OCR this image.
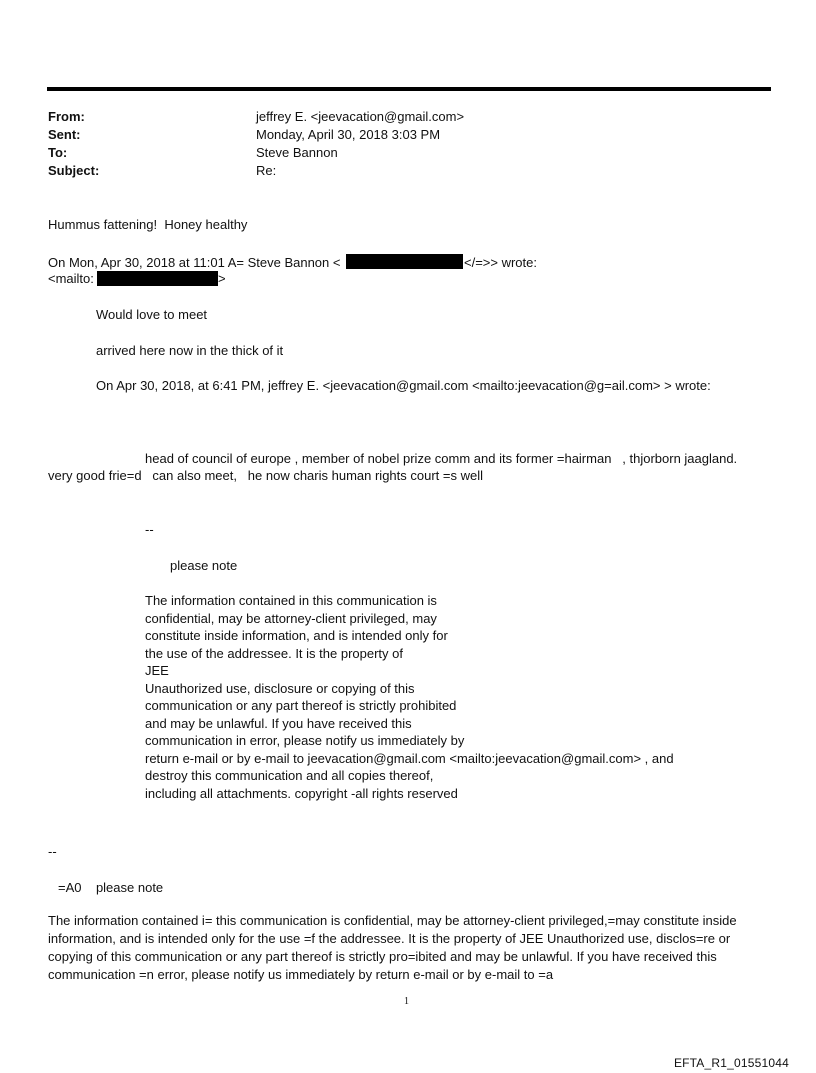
From:	jeffrey E. <jeevacation@gmail.com>
Sent:	Monday, April 30, 2018 3:03 PM
To:	Steve Bannon
Subject:	Re:
Hummus fattening!  Honey healthy
On Mon, Apr 30, 2018 at 11:01 A= Steve Bannon <	</=>> wrote:
<mailto:	>
Would love to meet
arrived here now in the thick of it
On Apr 30, 2018, at 6:41 PM, jeffrey E. <jeevacation@gmail.com <mailto:jeevacation@g=ail.com> > wrote:
head of council of europe , member of nobel prize comm and its former =hairman   , thjorborn jaagland.
very good frie=d   can also meet,   he now charis human rights court =s well
--
please note
The information contained in this communication is
confidential, may be attorney-client privileged, may
constitute inside information, and is intended only for
the use of the addressee. It is the property of
JEE
Unauthorized use, disclosure or copying of this
communication or any part thereof is strictly prohibited
and may be unlawful. If you have received this
communication in error, please notify us immediately by
return e-mail or by e-mail to jeevacation@gmail.com <mailto:jeevacation@gmail.com> , and
destroy this communication and all copies thereof,
including all attachments. copyright -all rights reserved
--
=A0    please note
The information contained i= this communication is confidential, may be attorney-client privileged,=may constitute inside information, and is intended only for the use =f the addressee. It is the property of JEE Unauthorized use, disclos=re or copying of this communication or any part thereof is strictly pro=ibited and may be unlawful. If you have received this communication =n error, please notify us immediately by return e-mail or by e-mail to =a
1
EFTA_R1_01551044
